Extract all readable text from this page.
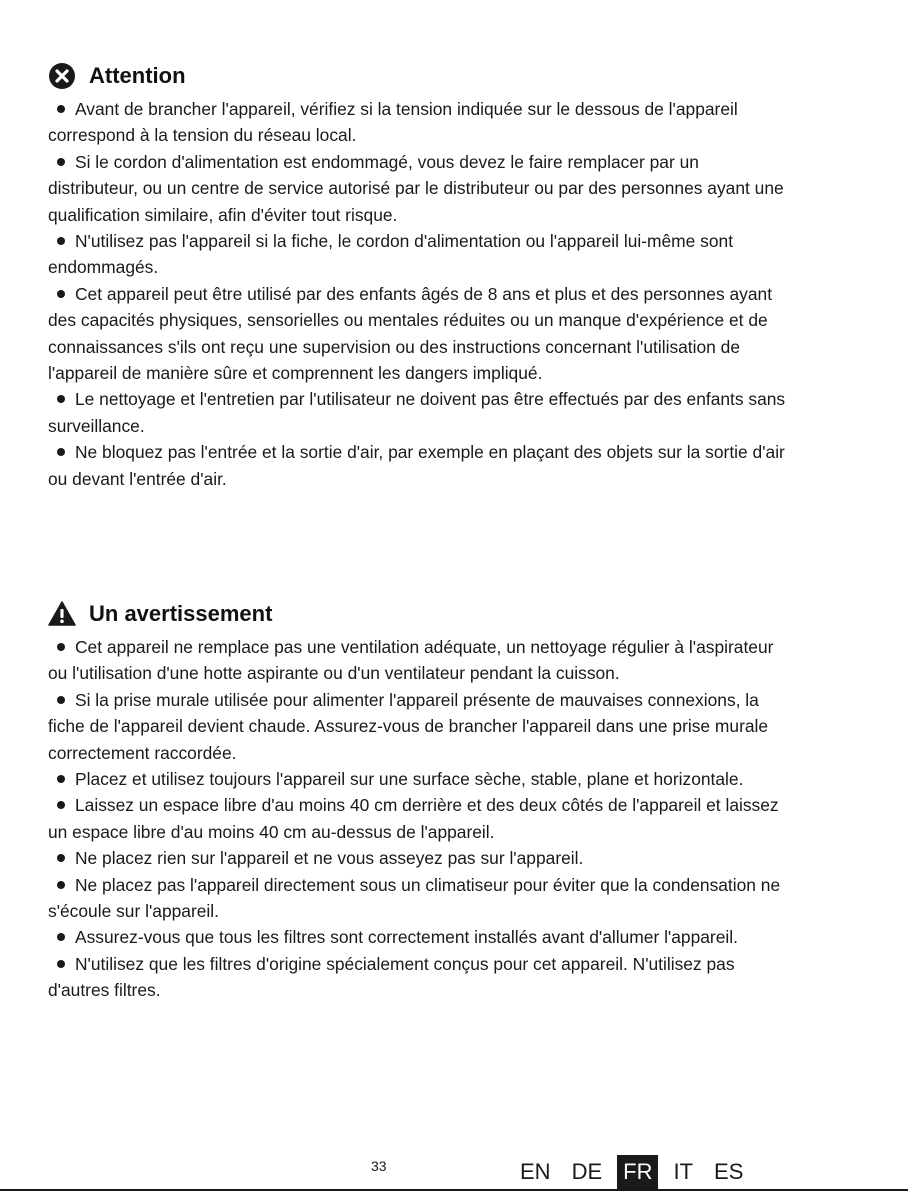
Attention

Avant de brancher l'appareil, vérifiez si la tension indiquée sur le dessous de l'appareil correspond à la tension du réseau local.

Si le cordon d'alimentation est endommagé, vous devez le faire remplacer par un distributeur, ou un centre de service autorisé par le distributeur ou par des personnes ayant une qualification similaire, afin d'éviter tout risque.

N'utilisez pas l'appareil si la fiche, le cordon d'alimentation ou l'appareil lui-même sont endommagés.

Cet appareil peut être utilisé par des enfants âgés de 8 ans et plus et des personnes ayant des capacités physiques, sensorielles ou mentales réduites ou un manque d'expérience et de connaissances s'ils ont reçu une supervision ou des instructions concernant l'utilisation de l'appareil de manière sûre et comprennent les dangers impliqué.

Le nettoyage et l'entretien par l'utilisateur ne doivent pas être effectués par des enfants sans surveillance.

Ne bloquez pas l'entrée et la sortie d'air, par exemple en plaçant des objets sur la sortie d'air ou devant l'entrée d'air.

Un avertissement

Cet appareil ne remplace pas une ventilation adéquate, un nettoyage régulier à l'aspirateur ou l'utilisation d'une hotte aspirante ou d'un ventilateur pendant la cuisson.

Si la prise murale utilisée pour alimenter l'appareil présente de mauvaises connexions, la fiche de l'appareil devient chaude. Assurez-vous de brancher l'appareil dans une prise murale correctement raccordée.

Placez et utilisez toujours l'appareil sur une surface sèche, stable, plane et horizontale.

Laissez un espace libre d'au moins 40 cm derrière et des deux côtés de l'appareil et laissez un espace libre d'au moins 40 cm au-dessus de l'appareil.

Ne placez rien sur l'appareil et ne vous asseyez pas sur l'appareil.

Ne placez pas l'appareil directement sous un climatiseur pour éviter que la condensation ne s'écoule sur l'appareil.

Assurez-vous que tous les filtres sont correctement installés avant d'allumer l'appareil.

N'utilisez que les filtres d'origine spécialement conçus pour cet appareil. N'utilisez pas d'autres filtres.

33	EN DE FR IT ES
